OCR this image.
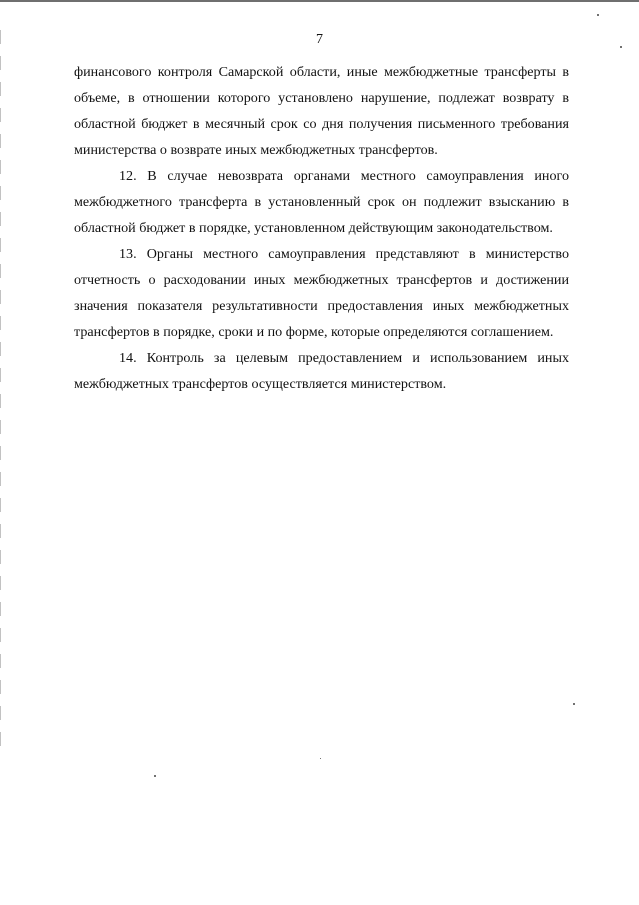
7

финансового контроля Самарской области, иные межбюджетные трансферты в объеме, в отношении которого установлено нарушение, подлежат возврату в областной бюджет в месячный срок со дня получения письменного требования министерства о возврате иных межбюджетных трансфертов.

12. В случае невозврата органами местного самоуправления иного межбюджетного трансферта в установленный срок он подлежит взысканию в областной бюджет в порядке, установленном действующим законодательством.

13. Органы местного самоуправления представляют в министерство отчетность о расходовании иных межбюджетных трансфертов и достижении значения показателя результативности предоставления иных межбюджетных трансфертов в порядке, сроки и по форме, которые определяются соглашением.

14. Контроль за целевым предоставлением и использованием иных межбюджетных трансфертов осуществляется министерством.
